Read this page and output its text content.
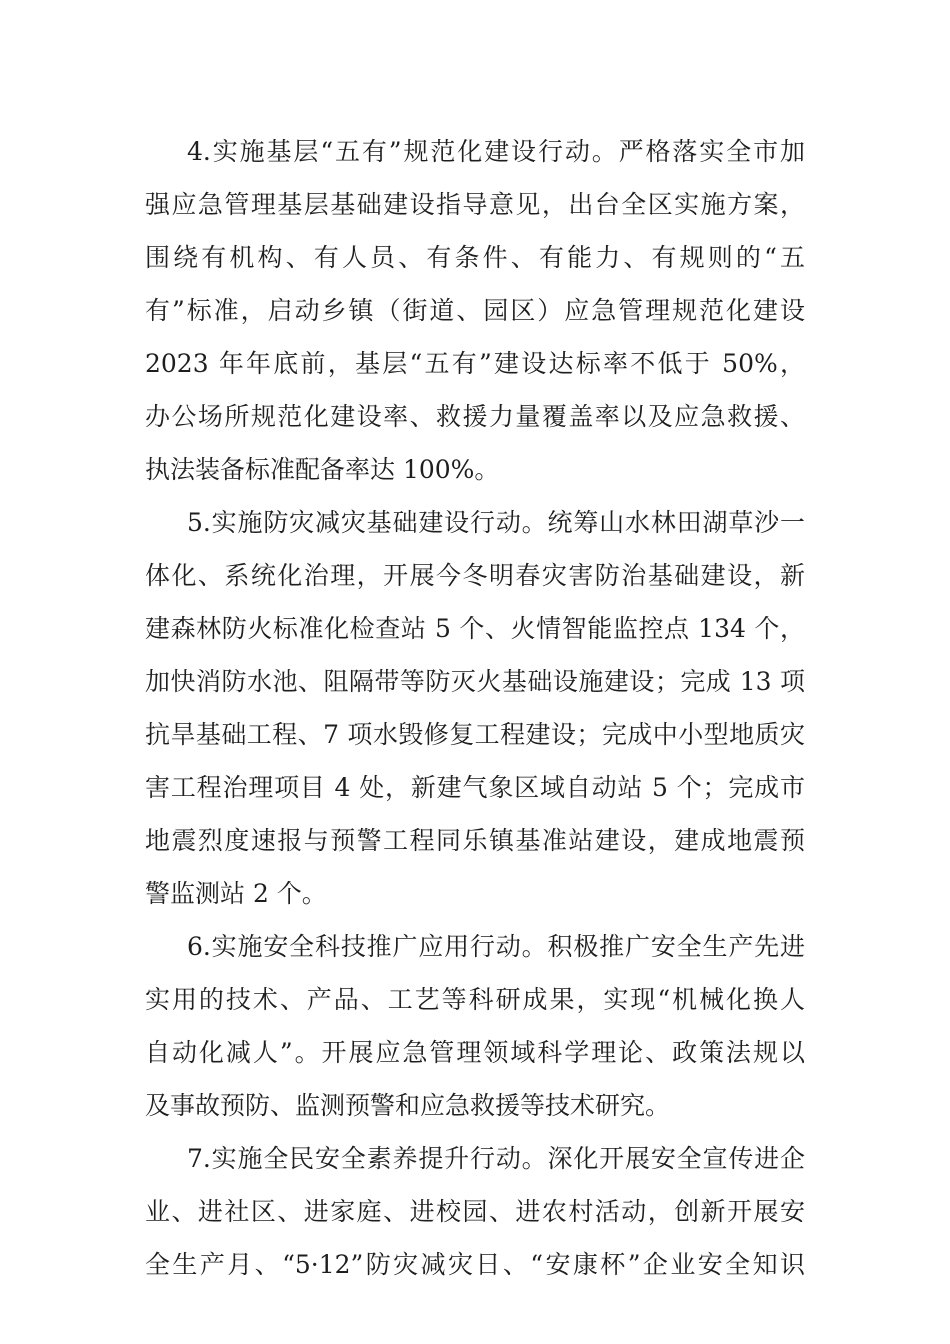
4.实施基层“五有”规范化建设行动。严格落实全市加
强应急管理基层基础建设指导意见，出台全区实施方案，
围绕有机构、有人员、有条件、有能力、有规则的“五
有”标准，启动乡镇（街道、园区）应急管理规范化建设
2023 年年底前，基层“五有”建设达标率不低于 50%，
办公场所规范化建设率、救援力量覆盖率以及应急救援、
执法装备标准配备率达 100%。
5.实施防灾减灾基础建设行动。统筹山水林田湖草沙一
体化、系统化治理，开展今冬明春灾害防治基础建设，新
建森林防火标准化检查站 5 个、火情智能监控点 134 个，
加快消防水池、阻隔带等防灭火基础设施建设；完成 13 项
抗旱基础工程、7 项水毁修复工程建设；完成中小型地质灾
害工程治理项目 4 处，新建气象区域自动站 5 个；完成市
地震烈度速报与预警工程同乐镇基准站建设，建成地震预
警监测站 2 个。
6.实施安全科技推广应用行动。积极推广安全生产先进
实用的技术、产品、工艺等科研成果，实现“机械化换人
自动化减人”。开展应急管理领域科学理论、政策法规以
及事故预防、监测预警和应急救援等技术研究。
7.实施全民安全素养提升行动。深化开展安全宣传进企
业、进社区、进家庭、进校园、进农村活动，创新开展安
全生产月、“5·12”防灾减灾日、“安康杯”企业安全知识
